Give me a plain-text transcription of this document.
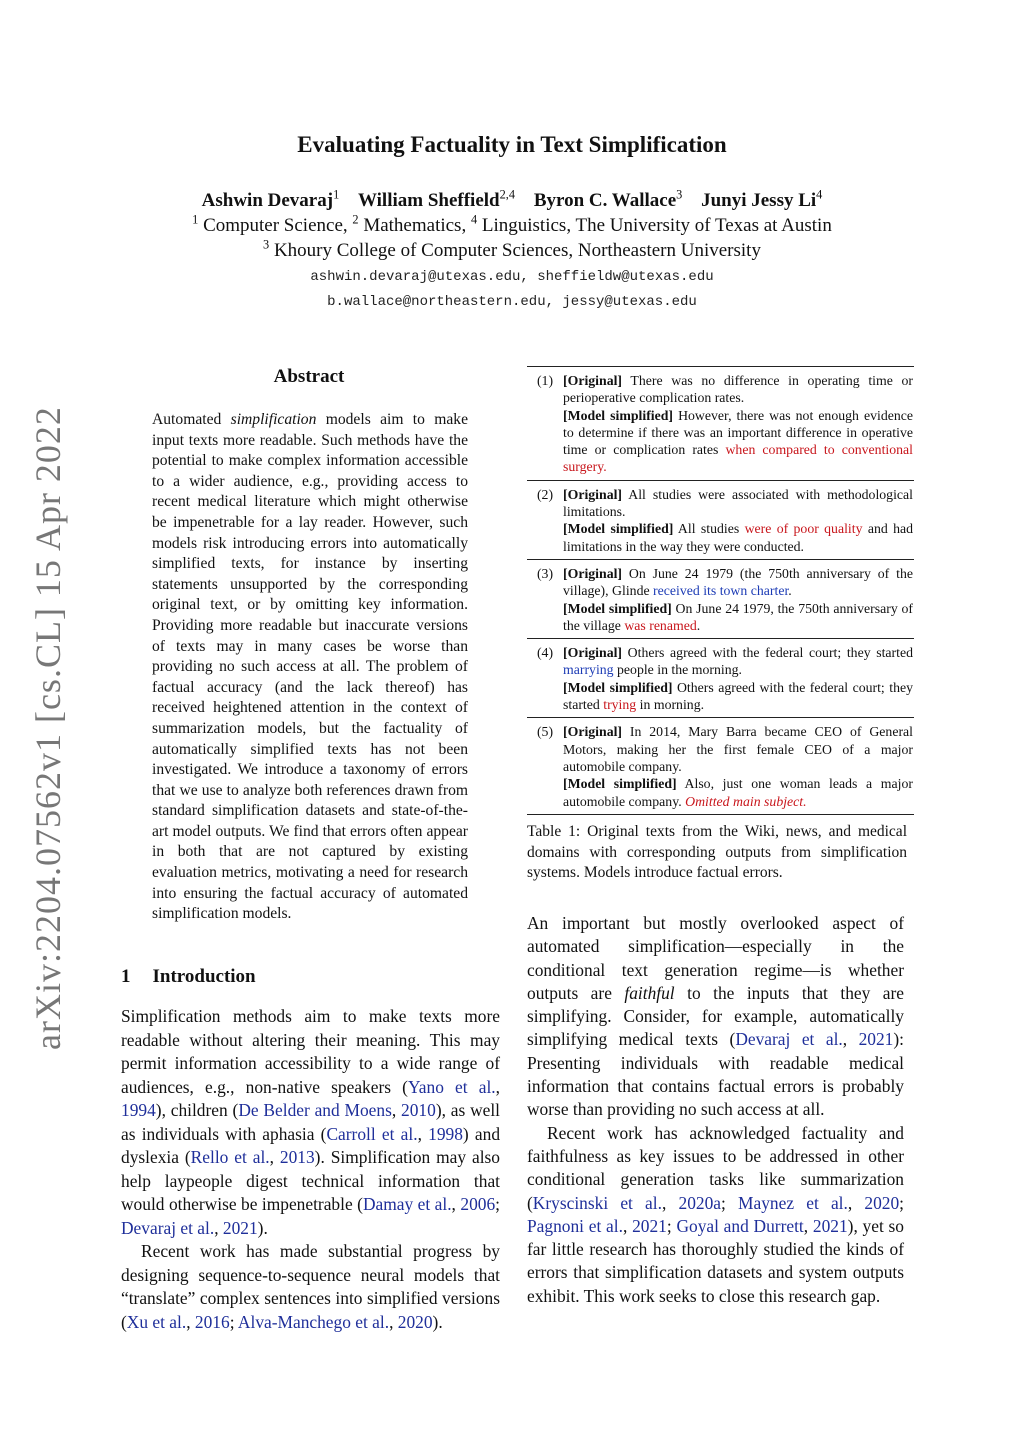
arXiv:2204.07562v1 [cs.CL] 15 Apr 2022
Evaluating Factuality in Text Simplification
Ashwin Devaraj$^1$ William Sheffield$^{2,4}$ Byron C. Wallace$^3$ Junyi Jessy Li$^4$
$^1$ Computer Science, $^2$ Mathematics, $^4$ Linguistics, The University of Texas at Austin
$^3$ Khoury College of Computer Sciences, Northeastern University
ashwin.devaraj@utexas.edu, sheffieldw@utexas.edu
b.wallace@northeastern.edu, jessy@utexas.edu
Abstract
Automated simplification models aim to make input texts more readable. Such methods have the potential to make complex information accessible to a wider audience, e.g., providing access to recent medical literature which might otherwise be impenetrable for a lay reader. However, such models risk introducing errors into automatically simplified texts, for instance by inserting statements unsupported by the corresponding original text, or by omitting key information. Providing more readable but inaccurate versions of texts may in many cases be worse than providing no such access at all. The problem of factual accuracy (and the lack thereof) has received heightened attention in the context of summarization models, but the factuality of automatically simplified texts has not been investigated. We introduce a taxonomy of errors that we use to analyze both references drawn from standard simplification datasets and state-of-the-art model outputs. We find that errors often appear in both that are not captured by existing evaluation metrics, motivating a need for research into ensuring the factual accuracy of automated simplification models.
1 Introduction

Simplification methods aim to make texts more readable without altering their meaning. This may permit information accessibility to a wide range of audiences, e.g., non-native speakers (Yano et al., 1994), children (De Belder and Moens, 2010), as well as individuals with aphasia (Carroll et al., 1998) and dyslexia (Rello et al., 2013). Simplification may also help laypeople digest technical information that would otherwise be impenetrable (Damay et al., 2006; Devaraj et al., 2021).

Recent work has made substantial progress by designing sequence-to-sequence neural models that “translate” complex sentences into simplified versions (Xu et al., 2016; Alva-Manchego et al., 2020).

(1) [Original] There was no difference in operating time or perioperative complication rates.
[Model simplified] However, there was not enough evidence to determine if there was an important difference in operative time or complication rates when compared to conventional surgery.
(2) [Original] All studies were associated with methodological limitations.
[Model simplified] All studies were of poor quality and had limitations in the way they were conducted.
(3) [Original] On June 24 1979 (the 750th anniversary of the village), Glinde received its town charter.
[Model simplified] On June 24 1979, the 750th anniversary of the village was renamed.
(4) [Original] Others agreed with the federal court; they started marrying people in the morning.
[Model simplified] Others agreed with the federal court; they started trying in morning.
(5) [Original] In 2014, Mary Barra became CEO of General Motors, making her the first female CEO of a major automobile company.
[Model simplified] Also, just one woman leads a major automobile company. Omitted main subject.
Table 1: Original texts from the Wiki, news, and medical domains with corresponding outputs from simplification systems. Models introduce factual errors.

An important but mostly overlooked aspect of automated simplification—especially in the conditional text generation regime—is whether outputs are faithful to the inputs that they are simplifying. Consider, for example, automatically simplifying medical texts (Devaraj et al., 2021): Presenting individuals with readable medical information that contains factual errors is probably worse than providing no such access at all.

Recent work has acknowledged factuality and faithfulness as key issues to be addressed in other conditional generation tasks like summarization (Kryscinski et al., 2020a; Maynez et al., 2020; Pagnoni et al., 2021; Goyal and Durrett, 2021), yet so far little research has thoroughly studied the kinds of errors that simplification datasets and system outputs exhibit. This work seeks to close this research gap.
